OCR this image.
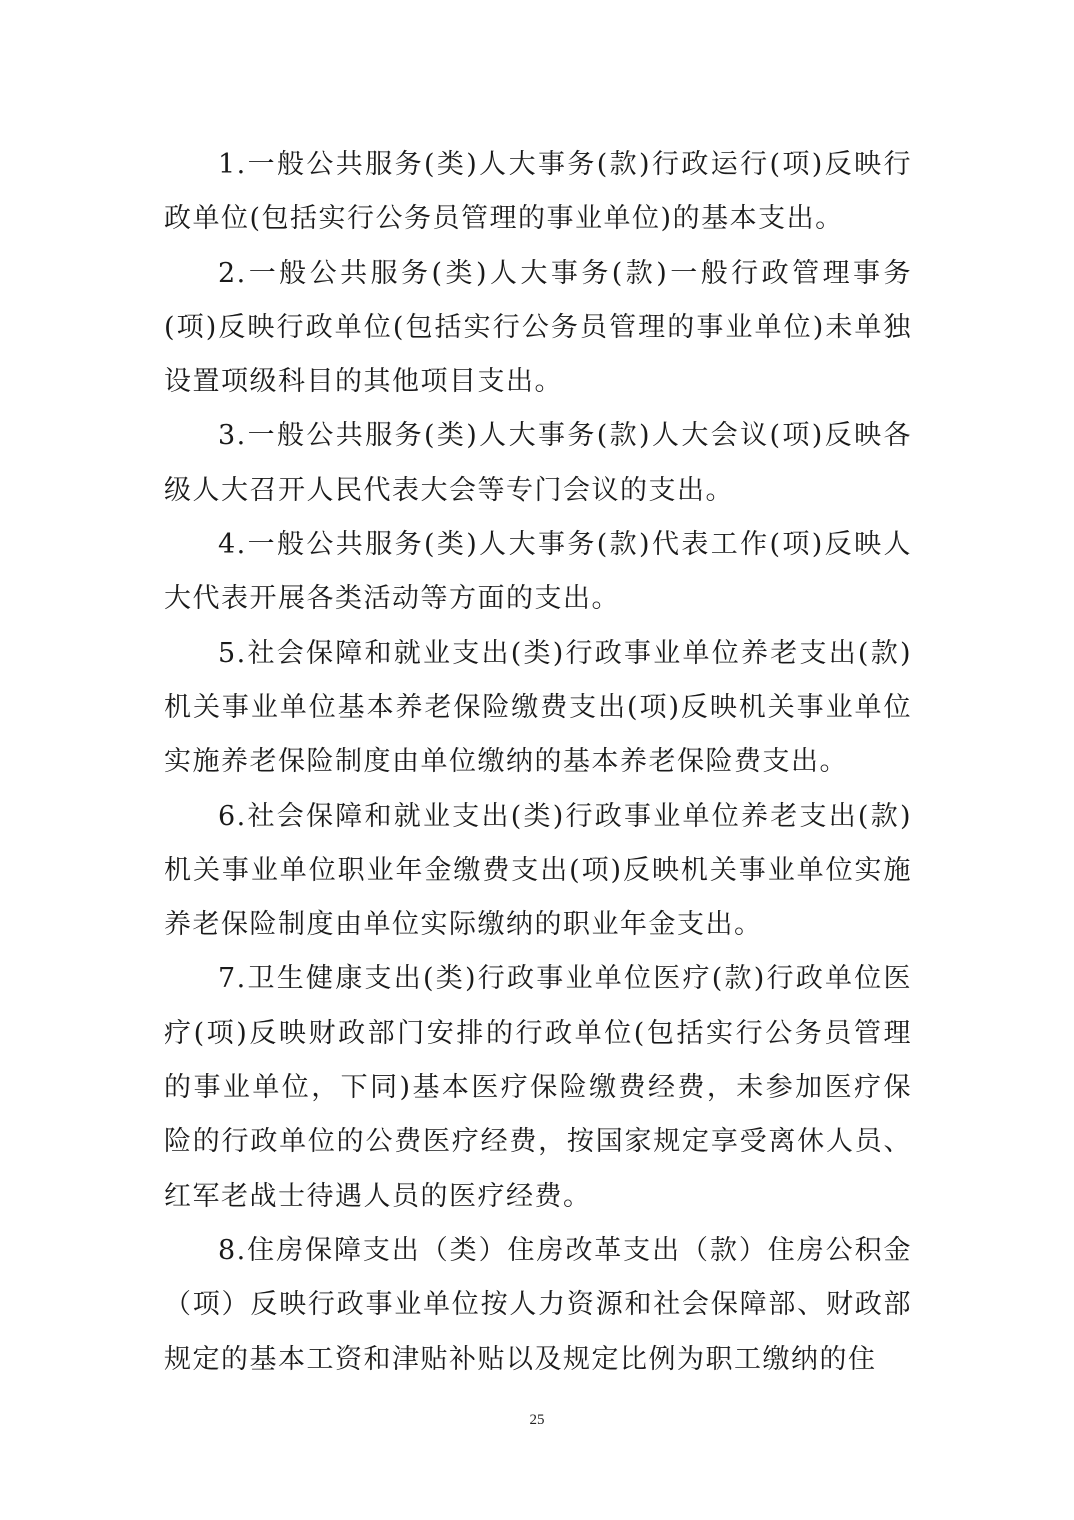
1.一般公共服务(类)人大事务(款)行政运行(项)反映行政单位(包括实行公务员管理的事业单位)的基本支出。

2.一般公共服务(类)人大事务(款)一般行政管理事务(项)反映行政单位(包括实行公务员管理的事业单位)未单独设置项级科目的其他项目支出。

3.一般公共服务(类)人大事务(款)人大会议(项)反映各级人大召开人民代表大会等专门会议的支出。

4.一般公共服务(类)人大事务(款)代表工作(项)反映人大代表开展各类活动等方面的支出。

5.社会保障和就业支出(类)行政事业单位养老支出(款)机关事业单位基本养老保险缴费支出(项)反映机关事业单位实施养老保险制度由单位缴纳的基本养老保险费支出。

6.社会保障和就业支出(类)行政事业单位养老支出(款)机关事业单位职业年金缴费支出(项)反映机关事业单位实施养老保险制度由单位实际缴纳的职业年金支出。

7.卫生健康支出(类)行政事业单位医疗(款)行政单位医疗(项)反映财政部门安排的行政单位(包括实行公务员管理的事业单位，下同)基本医疗保险缴费经费，未参加医疗保险的行政单位的公费医疗经费，按国家规定享受离休人员、红军老战士待遇人员的医疗经费。

8.住房保障支出（类）住房改革支出（款）住房公积金（项）反映行政事业单位按人力资源和社会保障部、财政部规定的基本工资和津贴补贴以及规定比例为职工缴纳的住

25
